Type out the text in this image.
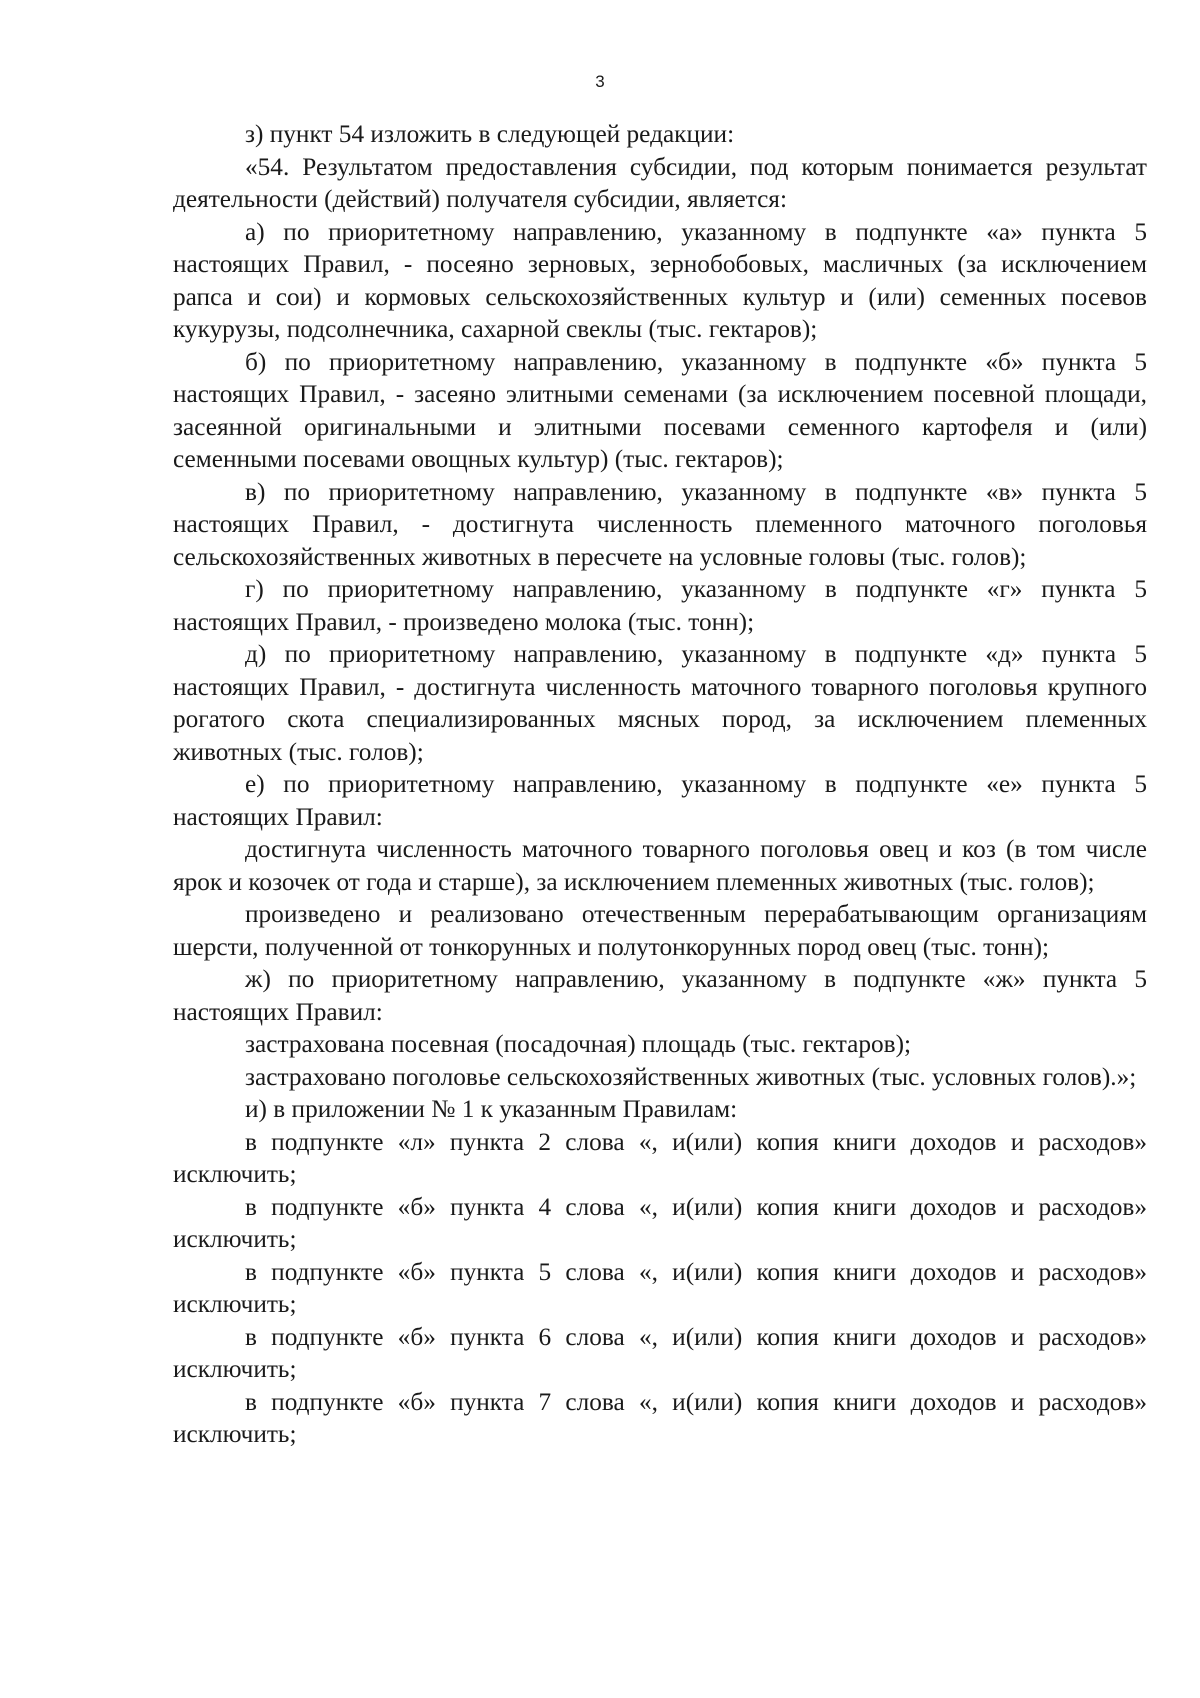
3

з) пункт 54 изложить в следующей редакции:

«54. Результатом предоставления субсидии, под которым понимается результат деятельности (действий) получателя субсидии, является:

а) по приоритетному направлению, указанному в подпункте «а» пункта 5 настоящих Правил, - посеяно зерновых, зернобобовых, масличных (за исключением рапса и сои) и кормовых сельскохозяйственных культур и (или) семенных посевов кукурузы, подсолнечника, сахарной свеклы (тыс. гектаров);

б) по приоритетному направлению, указанному в подпункте «б» пункта 5 настоящих Правил, - засеяно элитными семенами (за исключением посевной площади, засеянной оригинальными и элитными посевами семенного картофеля и (или) семенными посевами овощных культур) (тыс. гектаров);

в) по приоритетному направлению, указанному в подпункте «в» пункта 5 настоящих Правил, - достигнута численность племенного маточного поголовья сельскохозяйственных животных в пересчете на условные головы (тыс. голов);

г) по приоритетному направлению, указанному в подпункте «г» пункта 5 настоящих Правил, - произведено молока (тыс. тонн);

д) по приоритетному направлению, указанному в подпункте «д» пункта 5 настоящих Правил, - достигнута численность маточного товарного поголовья крупного рогатого скота специализированных мясных пород, за исключением племенных животных (тыс. голов);

е) по приоритетному направлению, указанному в подпункте «е» пункта 5 настоящих Правил:

достигнута численность маточного товарного поголовья овец и коз (в том числе ярок и козочек от года и старше), за исключением племенных животных (тыс. голов);

произведено и реализовано отечественным перерабатывающим организациям шерсти, полученной от тонкорунных и полутонкорунных пород овец (тыс. тонн);

ж) по приоритетному направлению, указанному в подпункте «ж» пункта 5 настоящих Правил:

застрахована посевная (посадочная) площадь (тыс. гектаров);

застраховано поголовье сельскохозяйственных животных (тыс. условных голов).»;

и) в приложении № 1 к указанным Правилам:

в подпункте «л» пункта 2 слова «, и(или) копия книги доходов и расходов» исключить;

в подпункте «б» пункта 4 слова «, и(или) копия книги доходов и расходов» исключить;

в подпункте «б» пункта 5 слова «, и(или) копия книги доходов и расходов» исключить;

в подпункте «б» пункта 6 слова «, и(или) копия книги доходов и расходов» исключить;

в подпункте «б» пункта 7 слова «, и(или) копия книги доходов и расходов» исключить;
